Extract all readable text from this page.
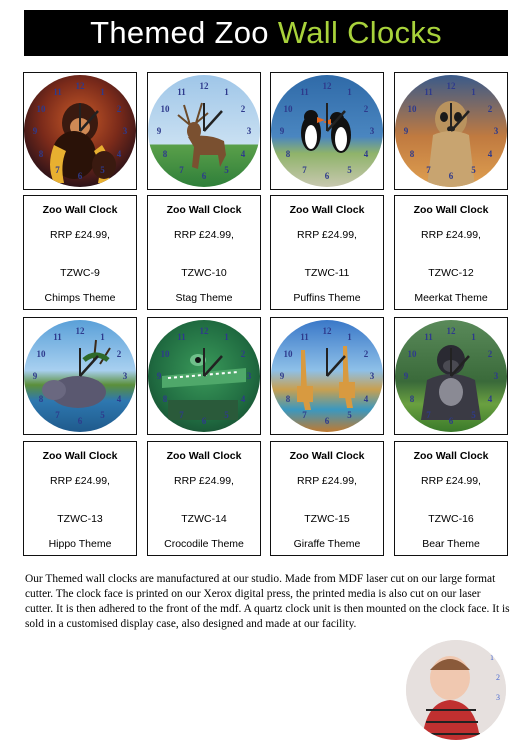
Themed Zoo Wall Clocks
12
1
2
3
4
5
6
7
8
9
10
11
12
1
2
3
4
5
6
7
8
9
10
11
12
1
2
3
4
5
6
7
8
9
10
11
12
1
2
3
4
5
6
7
8
9
10
11
Zoo Wall Clock
RRP £24.99,
TZWC-9
Chimps Theme
Zoo Wall Clock
RRP £24.99,
TZWC-10
Stag Theme
Zoo Wall Clock
RRP £24.99,
TZWC-11
Puffins Theme
Zoo Wall Clock
RRP £24.99,
TZWC-12
Meerkat Theme
12
1
2
3
4
5
6
7
8
9
10
11
12
1
2
3
4
5
6
7
8
9
10
11
12
1
2
3
4
5
6
7
8
9
10
11
12
1
2
3
4
5
6
7
8
9
10
11
Zoo Wall Clock
RRP £24.99,
TZWC-13
Hippo Theme
Zoo Wall Clock
RRP £24.99,
TZWC-14
Crocodile Theme
Zoo Wall Clock
RRP £24.99,
TZWC-15
Giraffe Theme
Zoo Wall Clock
RRP £24.99,
TZWC-16
Bear Theme

Our Themed wall clocks are manufactured at our studio. Made from MDF laser cut on our large format cutter. The clock face is printed on our Xerox digital press, the printed media is also cut on our laser cutter. It is then adhered to the front of the mdf. A quartz clock unit is then mounted on the clock face. It is sold in a customised display case, also designed and made at our facility.

1
2
3
